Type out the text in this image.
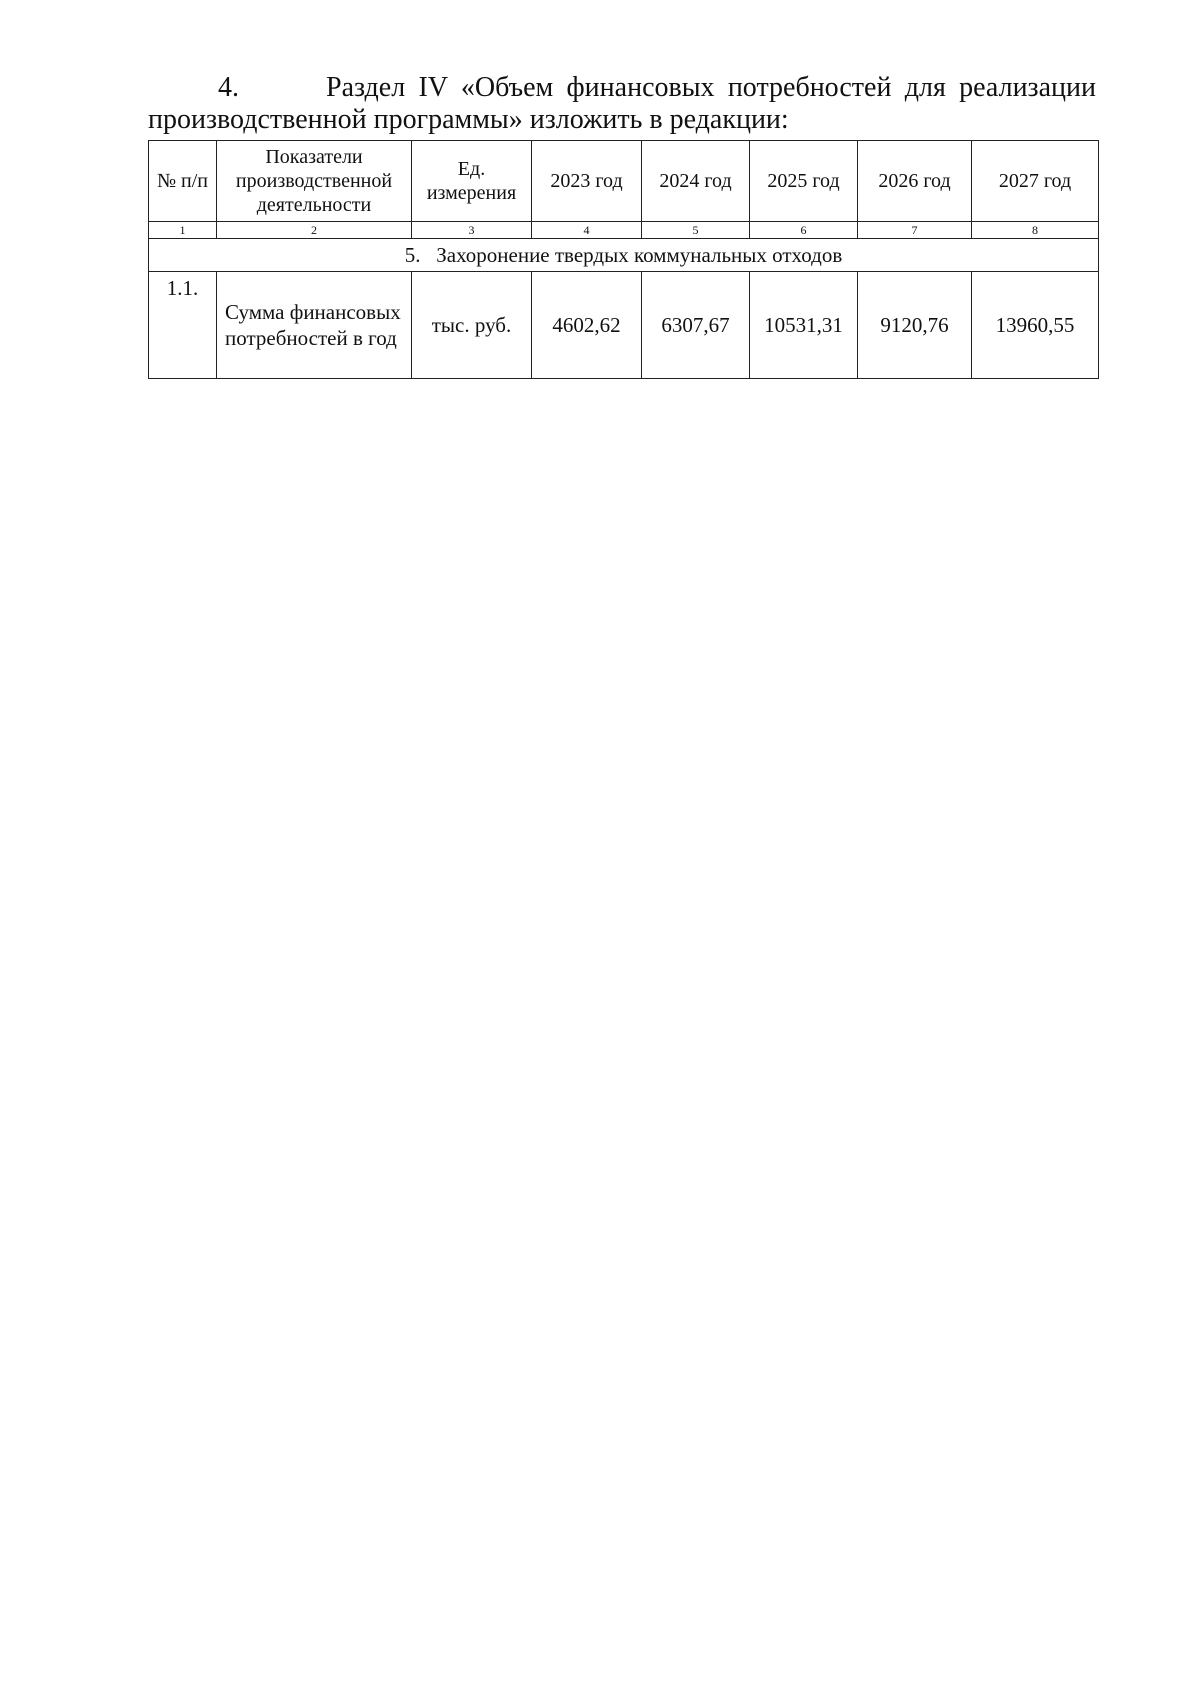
4.	Раздел IV «Объем финансовых потребностей для реализации
производственной программы» изложить в редакции:
№ п/п	Показатели производственной деятельности	Ед. измерения	2023 год	2024 год	2025 год	2026 год	2027 год
1	2	3	4	5	6	7	8
5.   Захоронение твердых коммунальных отходов							
1.1.	Сумма финансовых потребностей в год	тыс. руб.	4602,62	6307,67	10531,31	9120,76	13960,55
